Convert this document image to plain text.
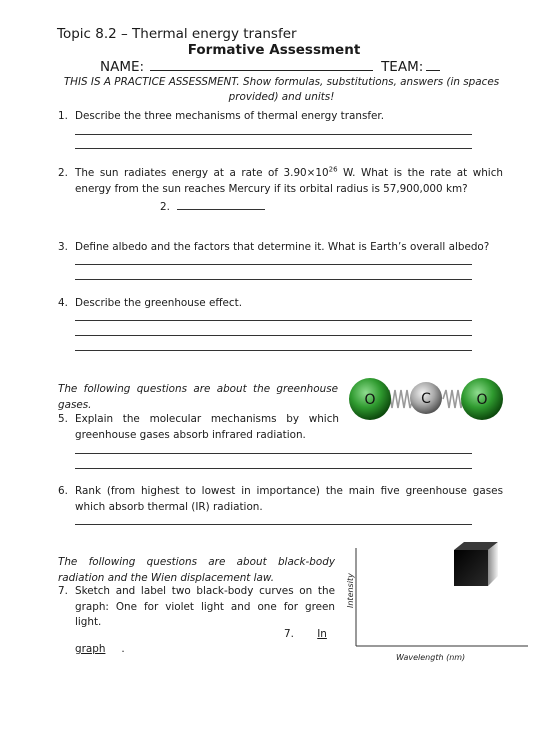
Topic 8.2 – Thermal energy transfer
Formative Assessment
NAME:	TEAM:
THIS IS A PRACTICE ASSESSMENT. Show formulas, substitutions, answers (in spaces provided) and units!
1. Describe the three mechanisms of thermal energy transfer.
2. The sun radiates energy at a rate of $3.90\times 10^{26}$ W. What is the rate at which energy from the sun reaches Mercury if its orbital radius is 57,900,000 km?
2.
3. Define albedo and the factors that determine it. What is Earth’s overall albedo?
4. Describe the greenhouse effect.
The following questions are about the greenhouse gases.	O	C	O
5. Explain the molecular mechanisms by which greenhouse gases absorb infrared radiation.
6. Rank (from highest to lowest in importance) the main five greenhouse gases which absorb thermal (IR) radiation.
The following questions are about black-body radiation and the Wien displacement law.
7. Sketch and label two black-body curves on the graph: One for violet light and one for green light.
7. In
graph .
Intensity
Wavelength (nm)
